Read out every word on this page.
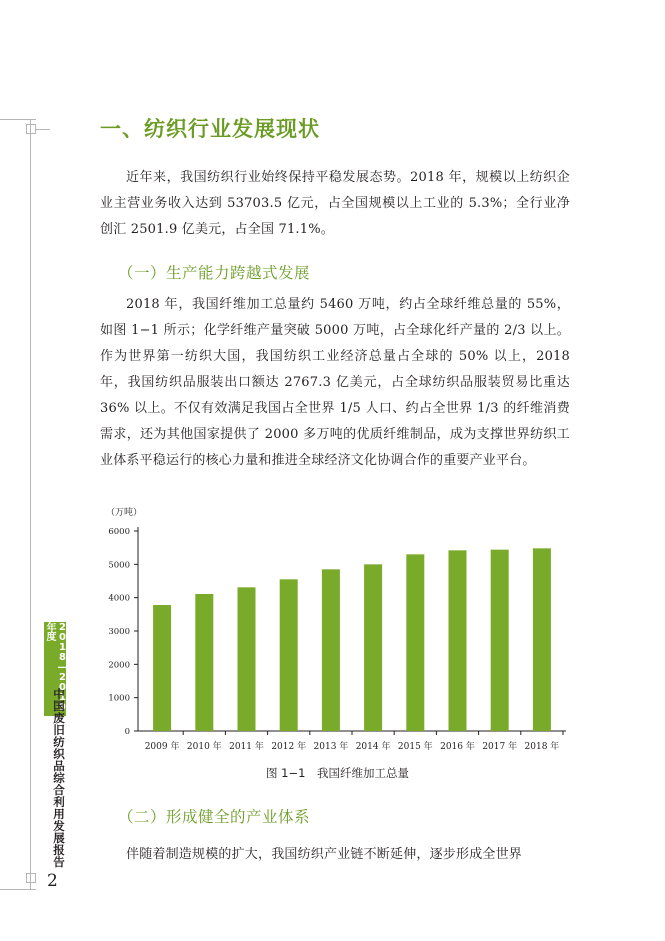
2018—2019年度
中国废旧纺织品综合利用发展报告
2
一、纺织行业发展现状

近年来，我国纺织行业始终保持平稳发展态势。2018 年，规模以上纺织企业主营业务收入达到 53703.5 亿元，占全国规模以上工业的 5.3%；全行业净创汇 2501.9 亿美元，占全国 71.1%。

（一）生产能力跨越式发展

2018 年，我国纤维加工总量约 5460 万吨，约占全球纤维总量的 55%，如图 1−1 所示；化学纤维产量突破 5000 万吨，占全球化纤产量的 2/3 以上。作为世界第一纺织大国，我国纺织工业经济总量占全球的 50% 以上，2018 年，我国纺织品服装出口额达 2767.3 亿美元，占全球纺织品服装贸易比重达 36% 以上。不仅有效满足我国占全世界 1/5 人口、约占全世界 1/3 的纤维消费需求，还为其他国家提供了 2000 多万吨的优质纤维制品，成为支撑世界纺织工业体系平稳运行的核心力量和推进全球经济文化协调合作的重要产业平台。

（万吨）
0
1000
2000
3000
4000
5000
6000
2009 年 2010 年 2011 年 2012 年 2013 年 2014 年 2015 年 2016 年 2017 年 2018 年
图 1−1　我国纤维加工总量
（二）形成健全的产业体系

伴随着制造规模的扩大，我国纺织产业链不断延伸，逐步形成全世界
